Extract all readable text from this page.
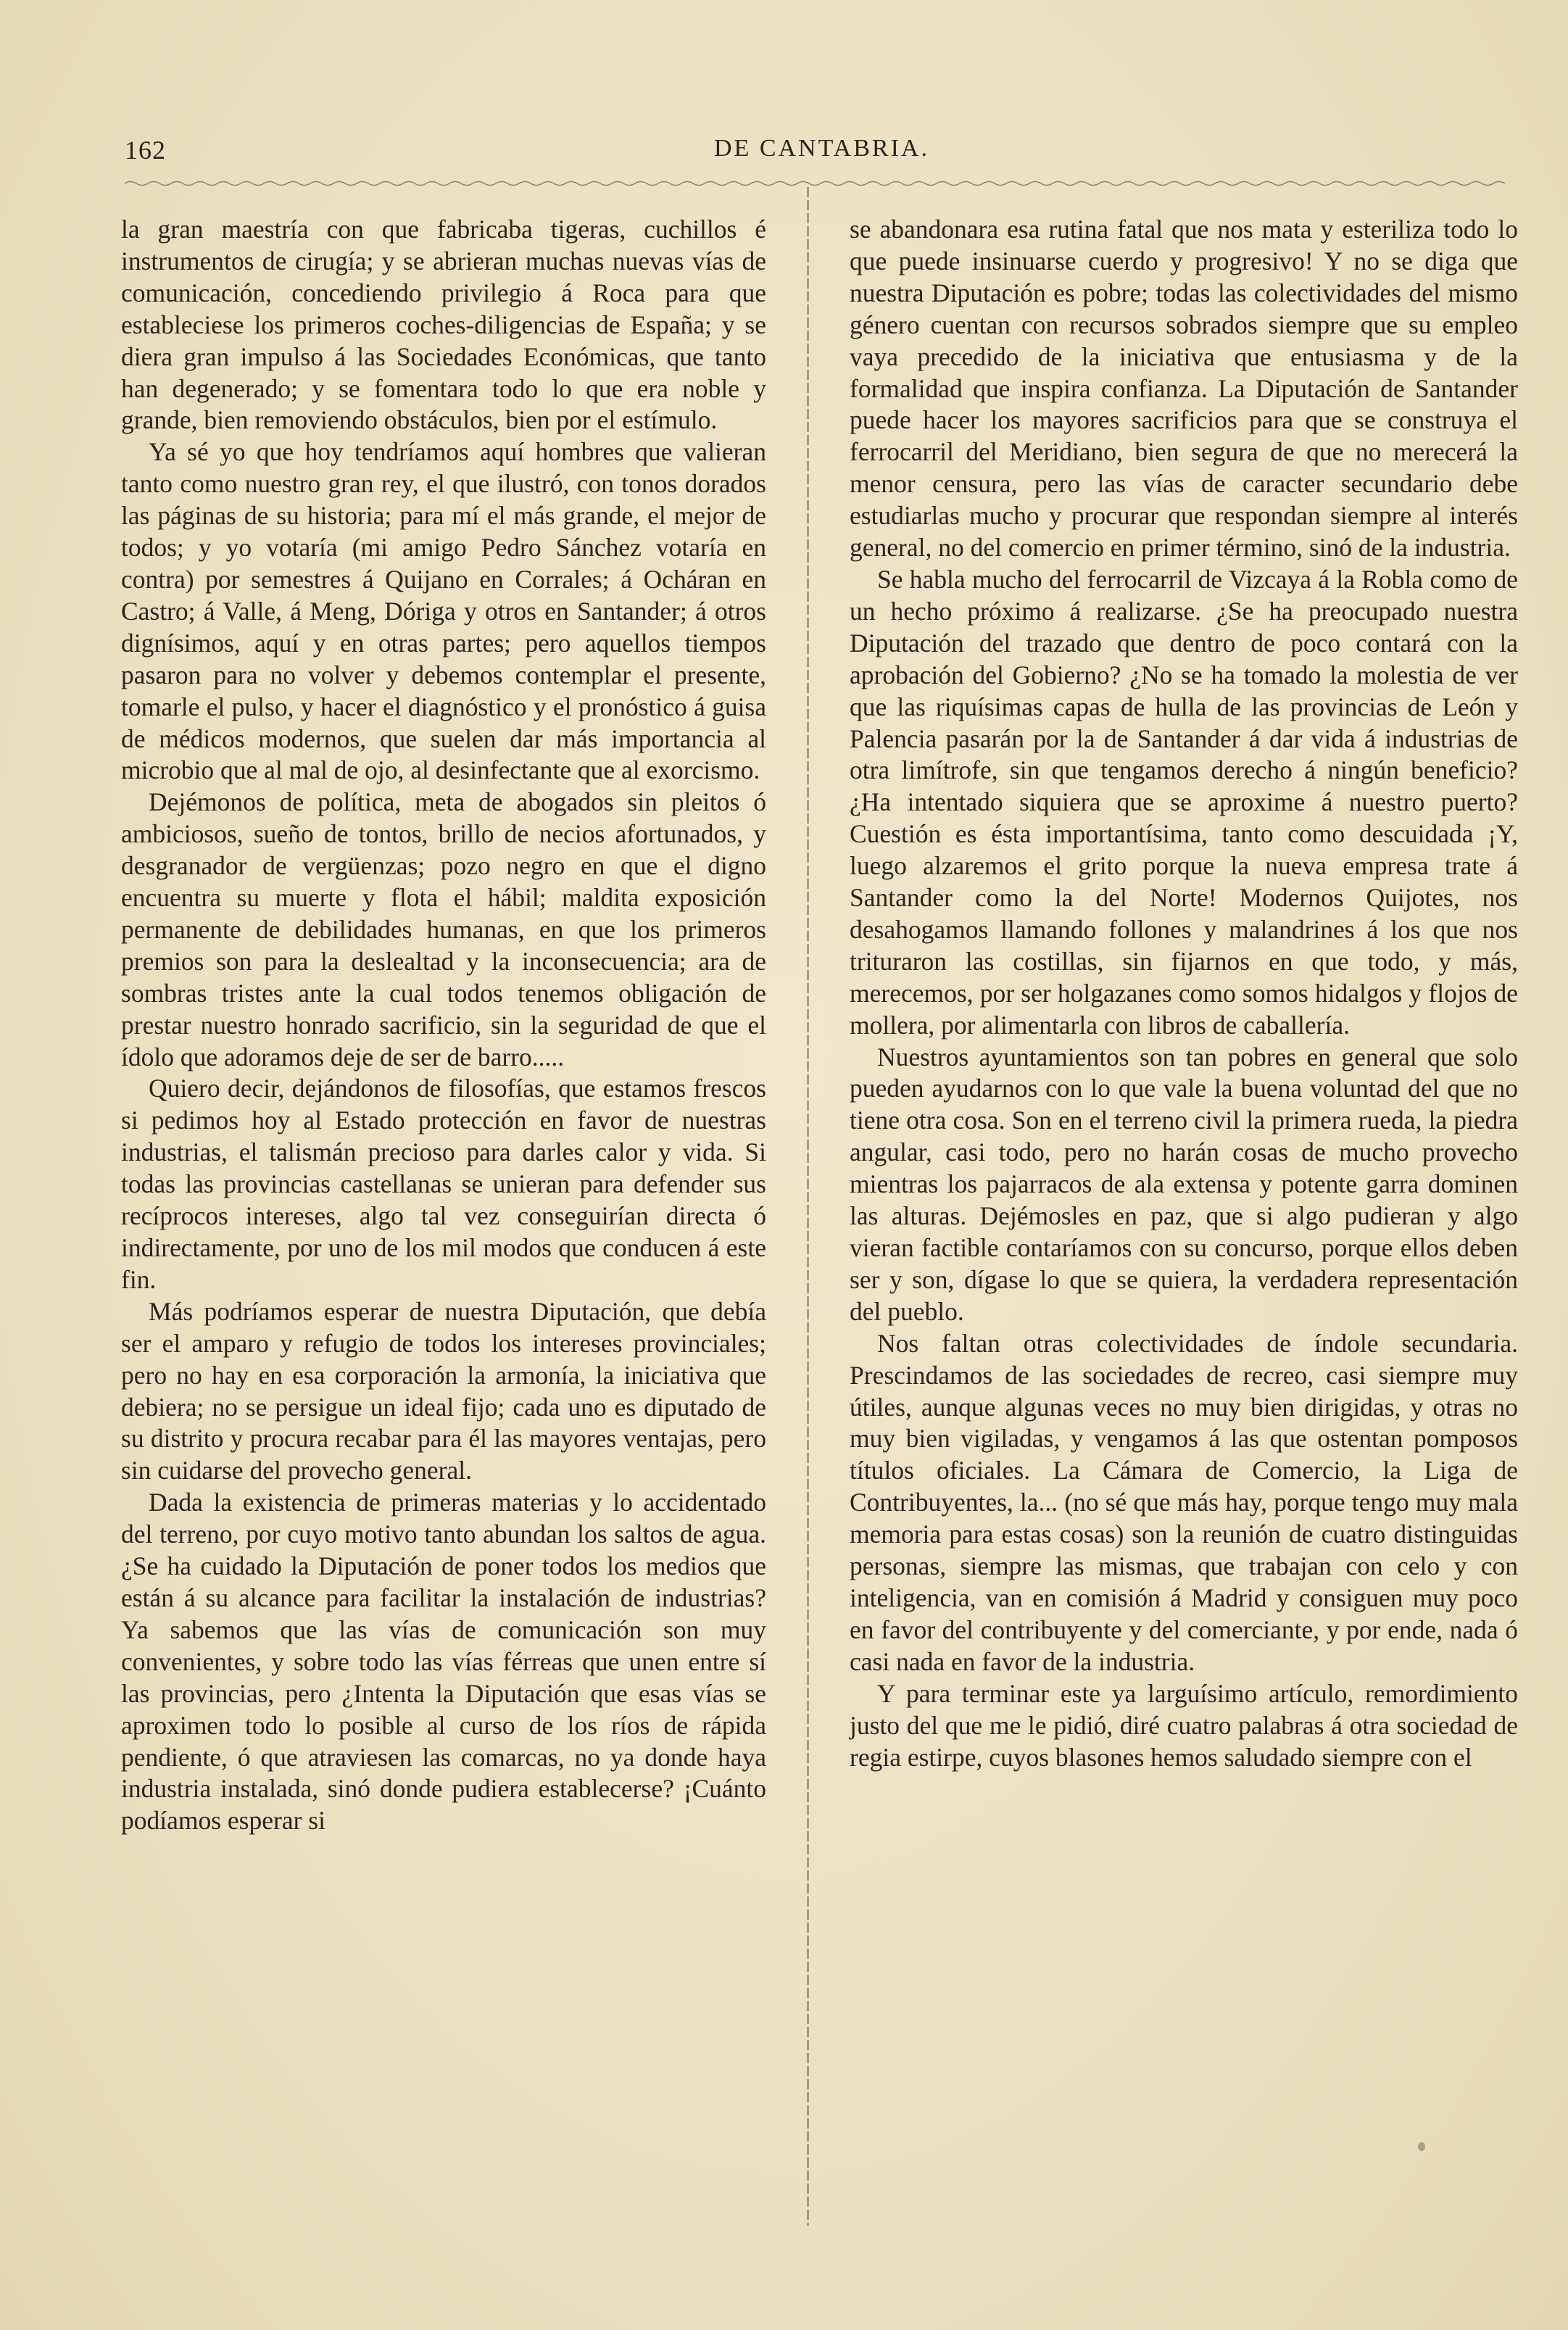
162	DE CANTABRIA.

la gran maestría con que fabricaba tigeras, cuchillos é instrumentos de cirugía; y se abrieran muchas nuevas vías de comunicación, concediendo privilegio á Roca para que estableciese los primeros coches-diligencias de España; y se diera gran impulso á las Sociedades Económicas, que tanto han degenerado; y se fomentara todo lo que era noble y grande, bien removiendo obstáculos, bien por el estímulo.

Ya sé yo que hoy tendríamos aquí hombres que valieran tanto como nuestro gran rey, el que ilustró, con tonos dorados las páginas de su historia; para mí el más grande, el mejor de todos; y yo votaría (mi amigo Pedro Sánchez votaría en contra) por semestres á Quijano en Corrales; á Ocháran en Castro; á Valle, á Meng, Dóriga y otros en Santander; á otros dignísimos, aquí y en otras partes; pero aquellos tiempos pasaron para no volver y debemos contemplar el presente, tomarle el pulso, y hacer el diagnóstico y el pronóstico á guisa de médicos modernos, que suelen dar más importancia al microbio que al mal de ojo, al desinfectante que al exorcismo.

Dejémonos de política, meta de abogados sin pleitos ó ambiciosos, sueño de tontos, brillo de necios afortunados, y desgranador de vergüenzas; pozo negro en que el digno encuentra su muerte y flota el hábil; maldita exposición permanente de debilidades humanas, en que los primeros premios son para la deslealtad y la inconsecuencia; ara de sombras tristes ante la cual todos tenemos obligación de prestar nuestro honrado sacrificio, sin la seguridad de que el ídolo que adoramos deje de ser de barro.....

Quiero decir, dejándonos de filosofías, que estamos frescos si pedimos hoy al Estado protección en favor de nuestras industrias, el talismán precioso para darles calor y vida. Si todas las provincias castellanas se unieran para defender sus recíprocos intereses, algo tal vez conseguirían directa ó indirectamente, por uno de los mil modos que conducen á este fin.

Más podríamos esperar de nuestra Diputación, que debía ser el amparo y refugio de todos los intereses provinciales; pero no hay en esa corporación la armonía, la iniciativa que debiera; no se persigue un ideal fijo; cada uno es diputado de su distrito y procura recabar para él las mayores ventajas, pero sin cuidarse del provecho general.

Dada la existencia de primeras materias y lo accidentado del terreno, por cuyo motivo tanto abundan los saltos de agua. ¿Se ha cuidado la Diputación de poner todos los medios que están á su alcance para facilitar la instalación de industrias? Ya sabemos que las vías de comunicación son muy convenientes, y sobre todo las vías férreas que unen entre sí las provincias, pero ¿Intenta la Diputación que esas vías se aproximen todo lo posible al curso de los ríos de rápida pendiente, ó que atraviesen las comarcas, no ya donde haya industria instalada, sinó donde pudiera establecerse? ¡Cuánto podíamos esperar si

se abandonara esa rutina fatal que nos mata y esteriliza todo lo que puede insinuarse cuerdo y progresivo! Y no se diga que nuestra Diputación es pobre; todas las colectividades del mismo género cuentan con recursos sobrados siempre que su empleo vaya precedido de la iniciativa que entusiasma y de la formalidad que inspira confianza. La Diputación de Santander puede hacer los mayores sacrificios para que se construya el ferrocarril del Meridiano, bien segura de que no merecerá la menor censura, pero las vías de caracter secundario debe estudiarlas mucho y procurar que respondan siempre al interés general, no del comercio en primer término, sinó de la industria.

Se habla mucho del ferrocarril de Vizcaya á la Robla como de un hecho próximo á realizarse. ¿Se ha preocupado nuestra Diputación del trazado que dentro de poco contará con la aprobación del Gobierno? ¿No se ha tomado la molestia de ver que las riquísimas capas de hulla de las provincias de León y Palencia pasarán por la de Santander á dar vida á industrias de otra limítrofe, sin que tengamos derecho á ningún beneficio? ¿Ha intentado siquiera que se aproxime á nuestro puerto? Cuestión es ésta importantísima, tanto como descuidada ¡Y, luego alzaremos el grito porque la nueva empresa trate á Santander como la del Norte! Modernos Quijotes, nos desahogamos llamando follones y malandrines á los que nos trituraron las costillas, sin fijarnos en que todo, y más, merecemos, por ser holgazanes como somos hidalgos y flojos de mollera, por alimentarla con libros de caballería.

Nuestros ayuntamientos son tan pobres en general que solo pueden ayudarnos con lo que vale la buena voluntad del que no tiene otra cosa. Son en el terreno civil la primera rueda, la piedra angular, casi todo, pero no harán cosas de mucho provecho mientras los pajarracos de ala extensa y potente garra dominen las alturas. Dejémosles en paz, que si algo pudieran y algo vieran factible contaríamos con su concurso, porque ellos deben ser y son, dígase lo que se quiera, la verdadera representación del pueblo.

Nos faltan otras colectividades de índole secundaria. Prescindamos de las sociedades de recreo, casi siempre muy útiles, aunque algunas veces no muy bien dirigidas, y otras no muy bien vigiladas, y vengamos á las que ostentan pomposos títulos oficiales. La Cámara de Comercio, la Liga de Contribuyentes, la... (no sé que más hay, porque tengo muy mala memoria para estas cosas) son la reunión de cuatro distinguidas personas, siempre las mismas, que trabajan con celo y con inteligencia, van en comisión á Madrid y consiguen muy poco en favor del contribuyente y del comerciante, y por ende, nada ó casi nada en favor de la industria.

Y para terminar este ya larguísimo artículo, remordimiento justo del que me le pidió, diré cuatro palabras á otra sociedad de regia estirpe, cuyos blasones hemos saludado siempre con el
